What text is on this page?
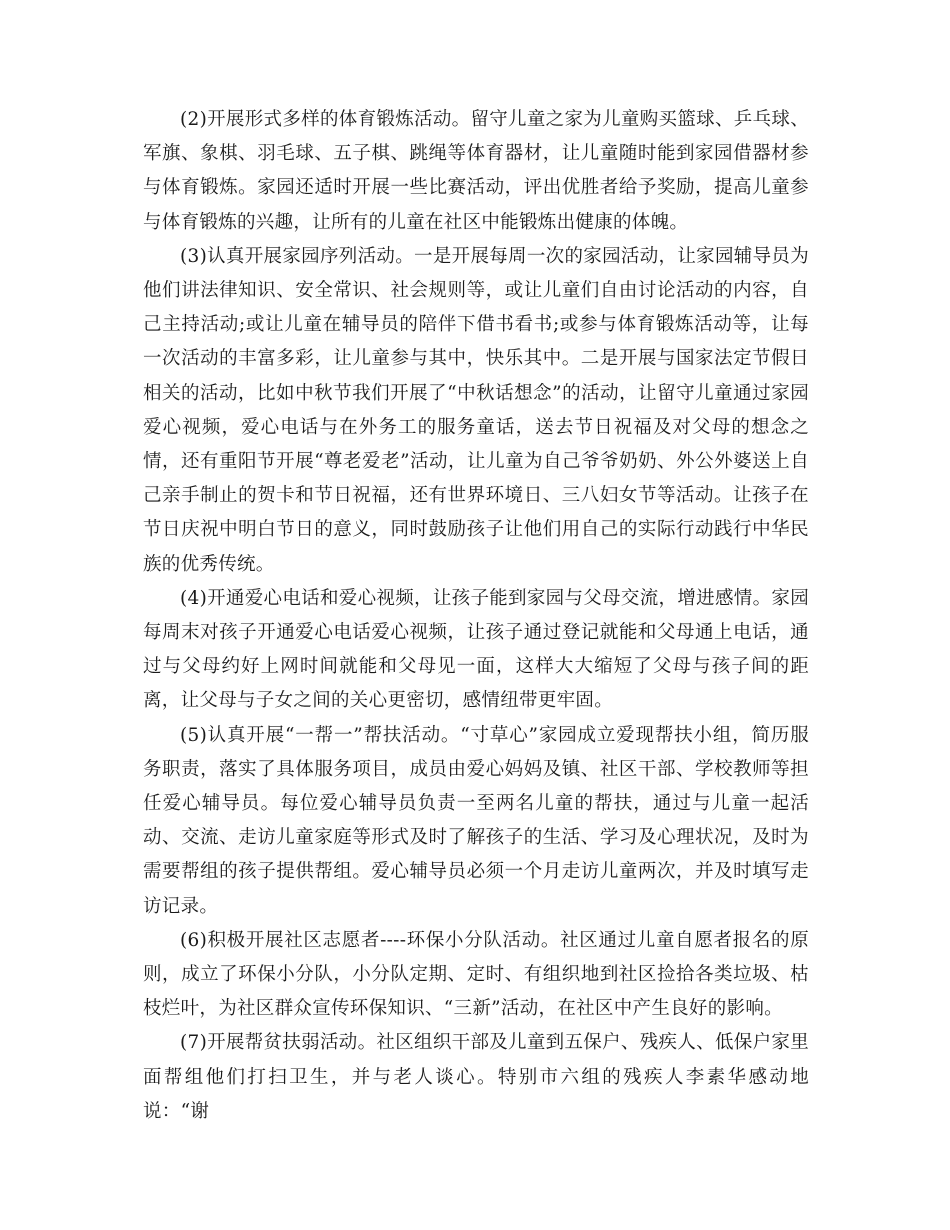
(2)开展形式多样的体育锻炼活动。留守儿童之家为儿童购买篮球、乒乓球、军旗、象棋、羽毛球、五子棋、跳绳等体育器材，让儿童随时能到家园借器材参与体育锻炼。家园还适时开展一些比赛活动，评出优胜者给予奖励，提高儿童参与体育锻炼的兴趣，让所有的儿童在社区中能锻炼出健康的体魄。

(3)认真开展家园序列活动。一是开展每周一次的家园活动，让家园辅导员为他们讲法律知识、安全常识、社会规则等，或让儿童们自由讨论活动的内容，自己主持活动;或让儿童在辅导员的陪伴下借书看书;或参与体育锻炼活动等，让每一次活动的丰富多彩，让儿童参与其中，快乐其中。二是开展与国家法定节假日相关的活动，比如中秋节我们开展了“中秋话想念”的活动，让留守儿童通过家园爱心视频，爱心电话与在外务工的服务童话，送去节日祝福及对父母的想念之情，还有重阳节开展“尊老爱老”活动，让儿童为自己爷爷奶奶、外公外婆送上自己亲手制止的贺卡和节日祝福，还有世界环境日、三八妇女节等活动。让孩子在节日庆祝中明白节日的意义，同时鼓励孩子让他们用自己的实际行动践行中华民族的优秀传统。

(4)开通爱心电话和爱心视频，让孩子能到家园与父母交流，增进感情。家园每周末对孩子开通爱心电话爱心视频，让孩子通过登记就能和父母通上电话，通过与父母约好上网时间就能和父母见一面，这样大大缩短了父母与孩子间的距离，让父母与子女之间的关心更密切，感情纽带更牢固。

(5)认真开展“一帮一”帮扶活动。“寸草心”家园成立爱现帮扶小组，简历服务职责，落实了具体服务项目，成员由爱心妈妈及镇、社区干部、学校教师等担任爱心辅导员。每位爱心辅导员负责一至两名儿童的帮扶，通过与儿童一起活动、交流、走访儿童家庭等形式及时了解孩子的生活、学习及心理状况，及时为需要帮组的孩子提供帮组。爱心辅导员必须一个月走访儿童两次，并及时填写走访记录。

(6)积极开展社区志愿者----环保小分队活动。社区通过儿童自愿者报名的原则，成立了环保小分队，小分队定期、定时、有组织地到社区捡拾各类垃圾、枯枝烂叶，为社区群众宣传环保知识、“三新”活动，在社区中产生良好的影响。

(7)开展帮贫扶弱活动。社区组织干部及儿童到五保户、残疾人、低保户家里面帮组他们打扫卫生，并与老人谈心。特别市六组的残疾人李素华感动地说：“谢
